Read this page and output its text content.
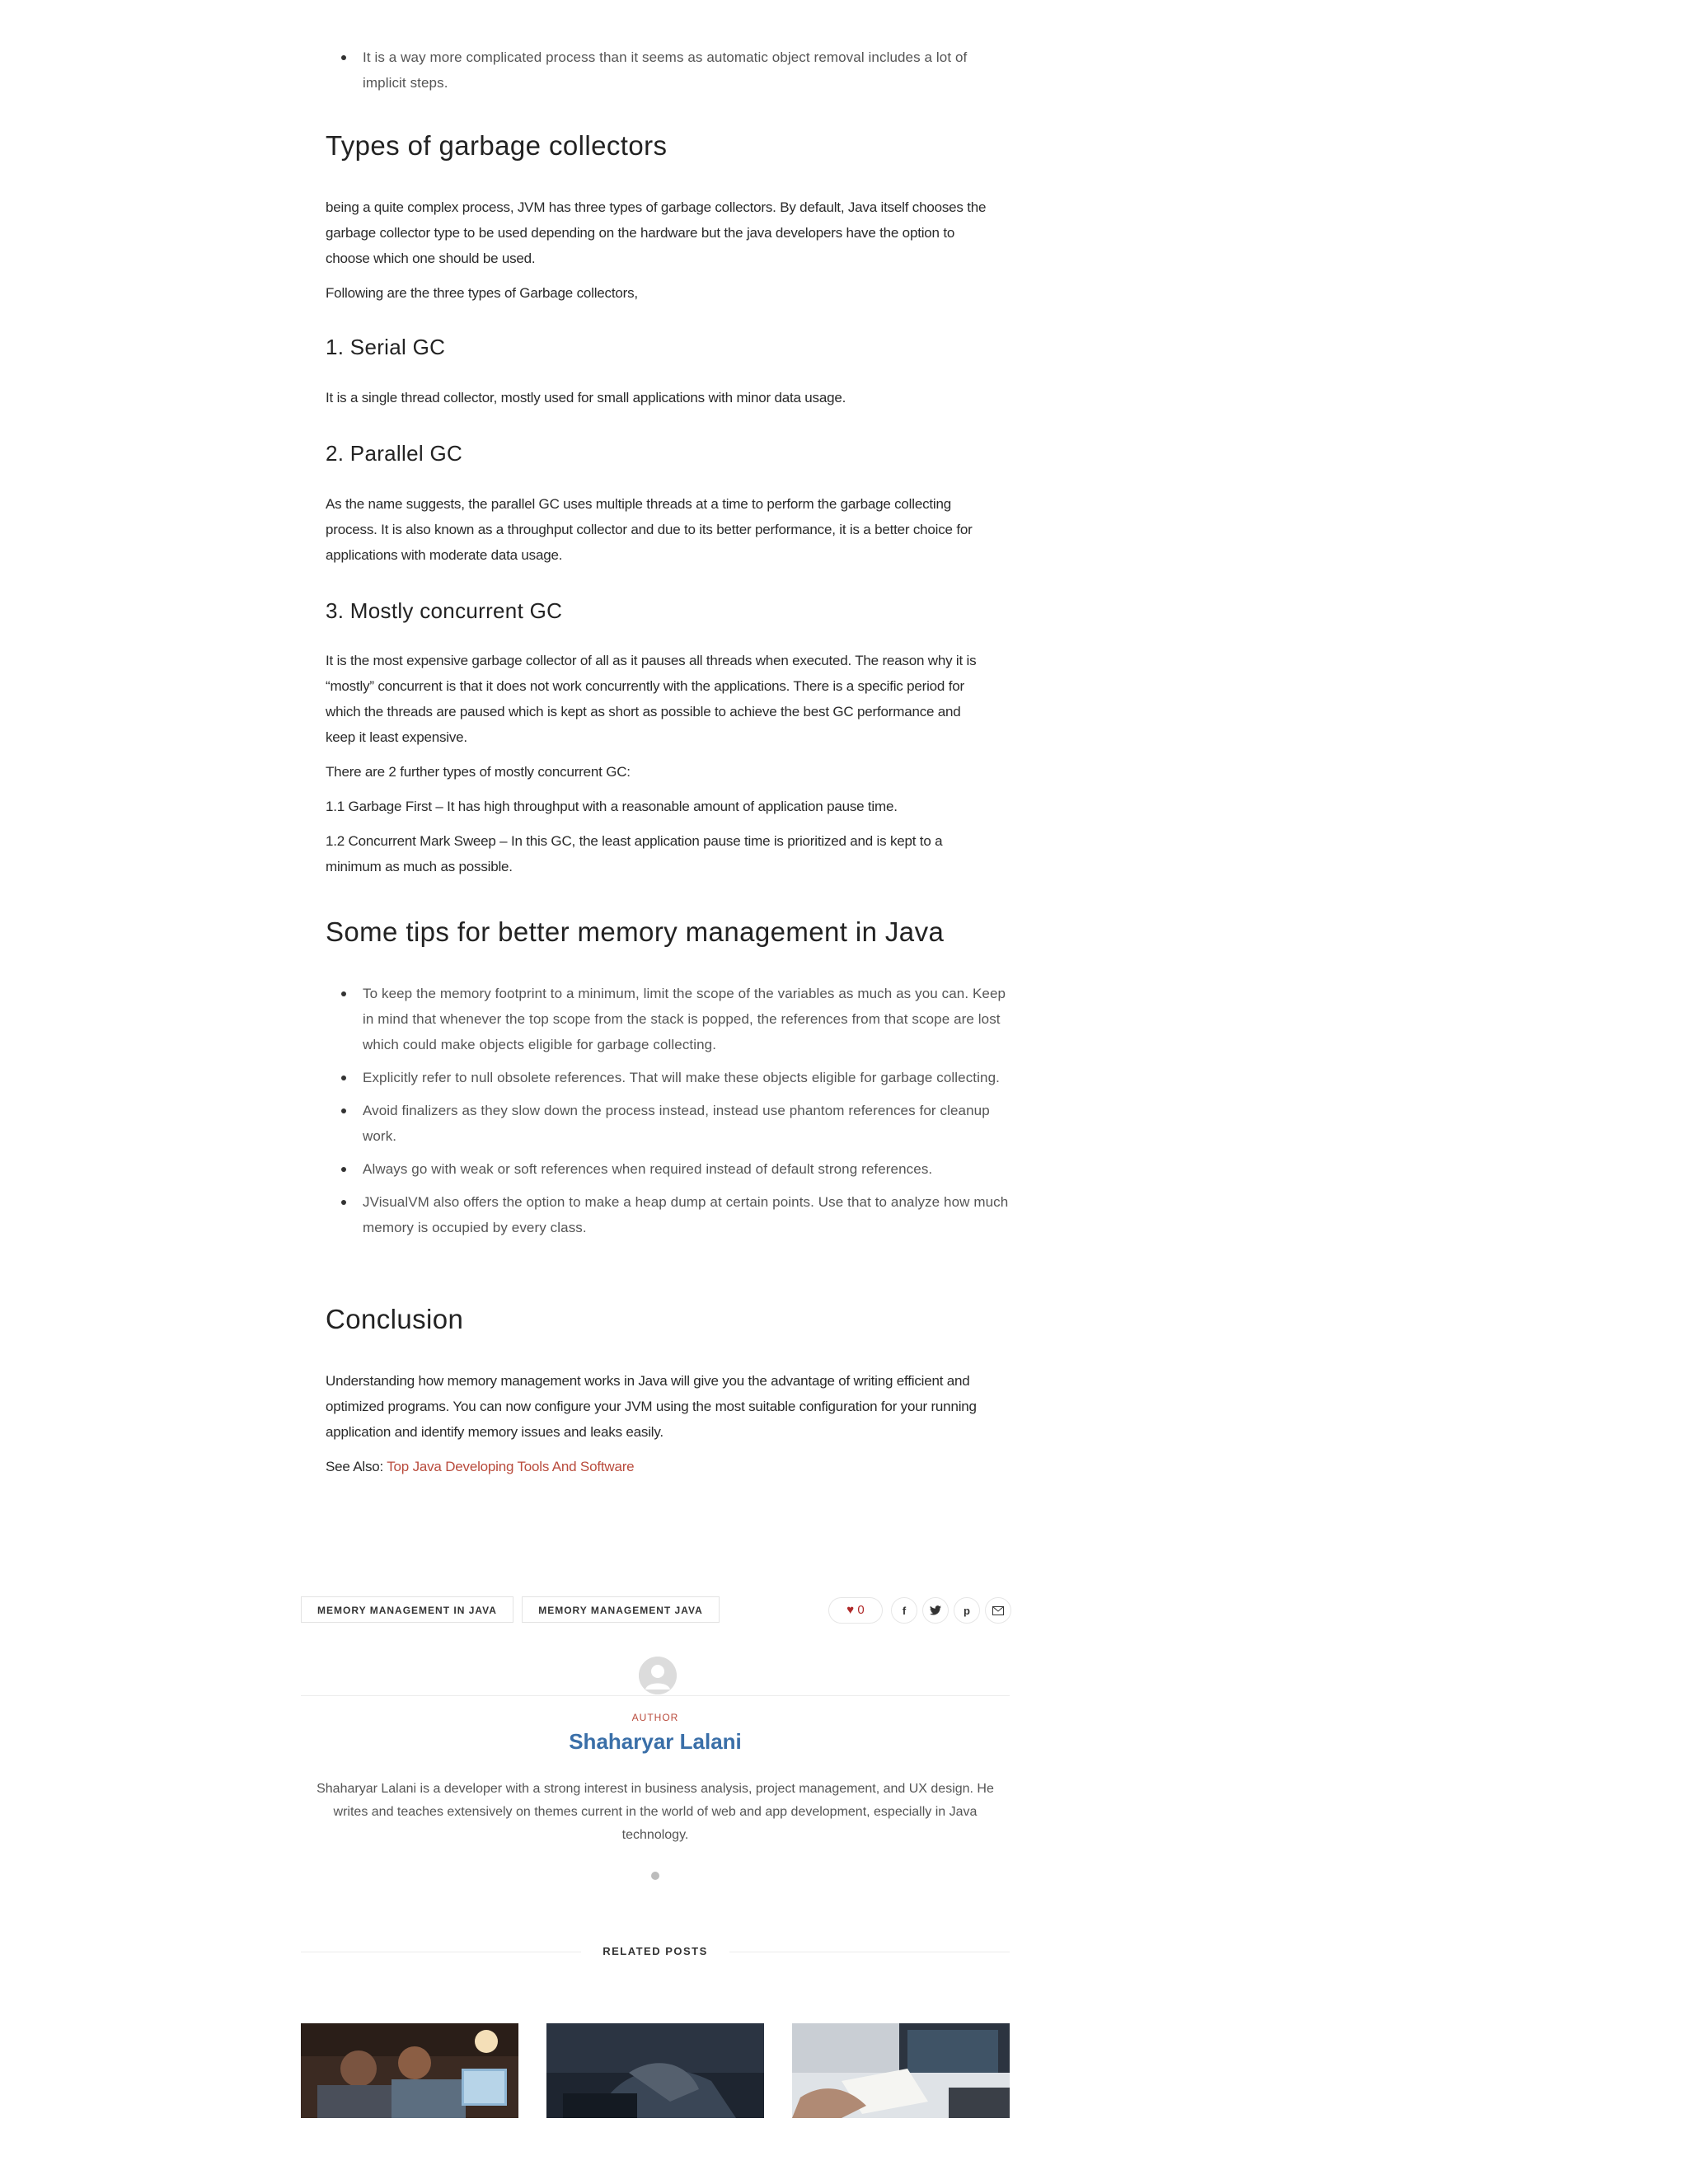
It is a way more complicated process than it seems as automatic object removal includes a lot of implicit steps.
Types of garbage collectors

being a quite complex process, JVM has three types of garbage collectors. By default, Java itself chooses the garbage collector type to be used depending on the hardware but the java developers have the option to choose which one should be used.

Following are the three types of Garbage collectors,

1. Serial GC

It is a single thread collector, mostly used for small applications with minor data usage.

2. Parallel GC

As the name suggests, the parallel GC uses multiple threads at a time to perform the garbage collecting process. It is also known as a throughput collector and due to its better performance, it is a better choice for applications with moderate data usage.

3. Mostly concurrent GC

It is the most expensive garbage collector of all as it pauses all threads when executed. The reason why it is “mostly” concurrent is that it does not work concurrently with the applications. There is a specific period for which the threads are paused which is kept as short as possible to achieve the best GC performance and keep it least expensive.

There are 2 further types of mostly concurrent GC:

1.1 Garbage First – It has high throughput with a reasonable amount of application pause time.

1.2 Concurrent Mark Sweep – In this GC, the least application pause time is prioritized and is kept to a minimum as much as possible.

Some tips for better memory management in Java
To keep the memory footprint to a minimum, limit the scope of the variables as much as you can. Keep in mind that whenever the top scope from the stack is popped, the references from that scope are lost which could make objects eligible for garbage collecting.
Explicitly refer to null obsolete references. That will make these objects eligible for garbage collecting.
Avoid finalizers as they slow down the process instead, instead use phantom references for cleanup work.
Always go with weak or soft references when required instead of default strong references.
JVisualVM also offers the option to make a heap dump at certain points. Use that to analyze how much memory is occupied by every class.
Conclusion

Understanding how memory management works in Java will give you the advantage of writing efficient and optimized programs. You can now configure your JVM using the most suitable configuration for your running application and identify memory issues and leaks easily.

See Also: Top Java Developing Tools And Software

MEMORY MANAGEMENT IN JAVA	MEMORY MANAGEMENT JAVA	♥ 0	f	p
AUTHOR
Shaharyar Lalani
Shaharyar Lalani is a developer with a strong interest in business analysis, project management, and UX design. He writes and teaches extensively on themes current in the world of web and app development, especially in Java technology.
RELATED POSTS
